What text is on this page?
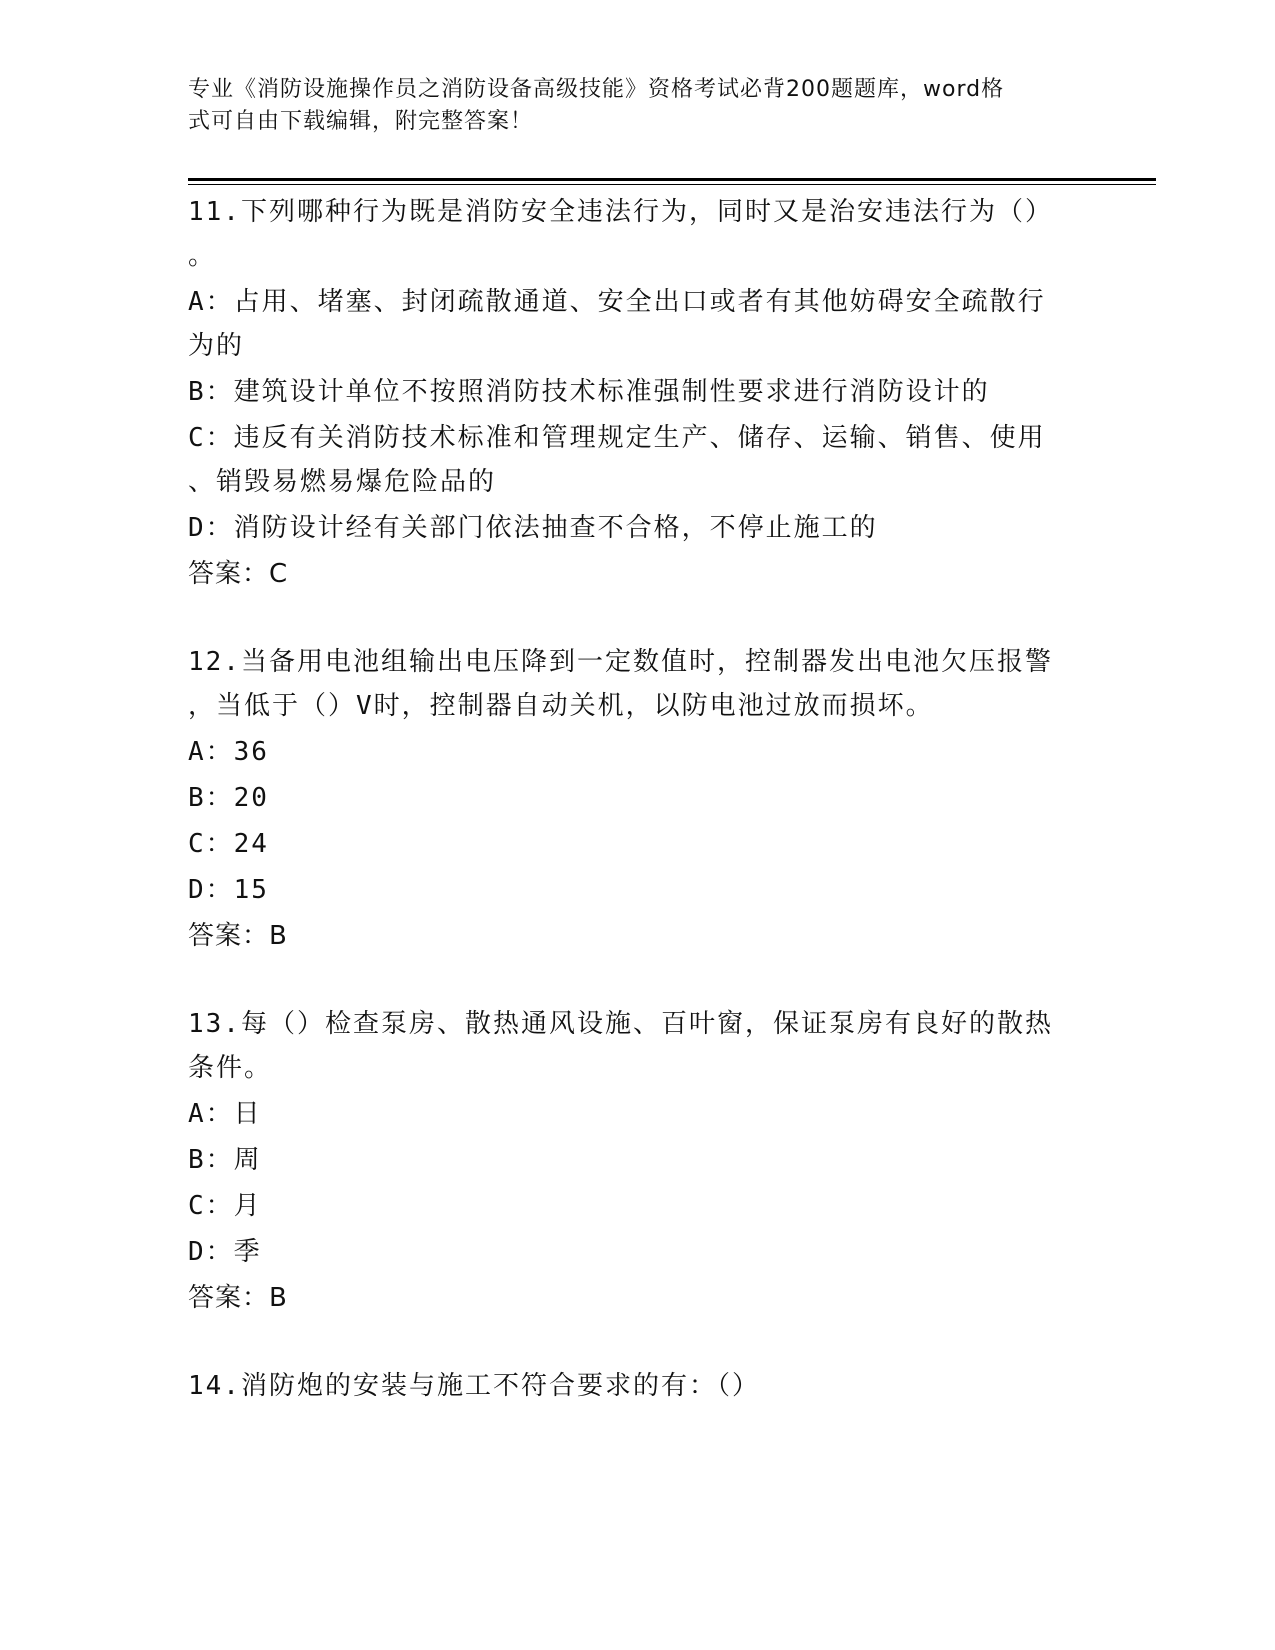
专业《消防设施操作员之消防设备高级技能》资格考试必背200题题库，word格
式可自由下载编辑，附完整答案！

11.下列哪种行为既是消防安全违法行为，同时又是治安违法行为（）

。

A：占用、堵塞、封闭疏散通道、安全出口或者有其他妨碍安全疏散行

为的

B：建筑设计单位不按照消防技术标准强制性要求进行消防设计的

C：违反有关消防技术标准和管理规定生产、储存、运输、销售、使用

、销毁易燃易爆危险品的

D：消防设计经有关部门依法抽查不合格，不停止施工的

答案：C

12.当备用电池组输出电压降到一定数值时，控制器发出电池欠压报警

，当低于（）V时，控制器自动关机，以防电池过放而损坏。

A：36

B：20

C：24

D：15

答案：B

13.每（）检查泵房、散热通风设施、百叶窗，保证泵房有良好的散热

条件。

A：日

B：周

C：月

D：季

答案：B

14.消防炮的安装与施工不符合要求的有：（）
